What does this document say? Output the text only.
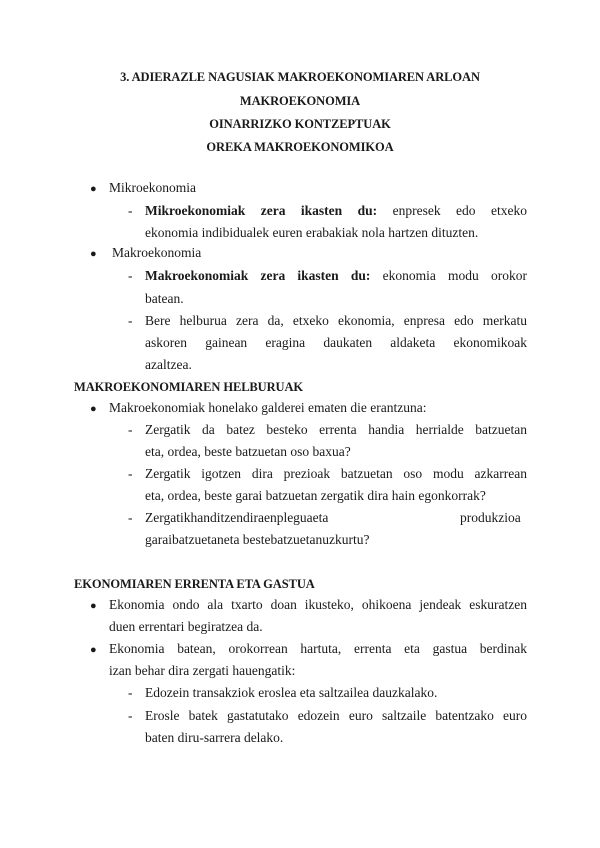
3. ADIERAZLE NAGUSIAK MAKROEKONOMIAREN ARLOAN
MAKROEKONOMIA
OINARRIZKO KONTZEPTUAK
OREKA MAKROEKONOMIKOA
● Mikroekonomia
- Mikroekonomiak zera ikasten du: enpresek edo etxeko
ekonomia indibidualek euren erabakiak nola hartzen dituzten.
● Makroekonomia
- Makroekonomiak zera ikasten du: ekonomia modu orokor
batean.
- Bere helburua zera da, etxeko ekonomia, enpresa edo merkatu
askoren gainean eragina daukaten aldaketa ekonomikoak
azaltzea.
MAKROEKONOMIAREN HELBURUAK
● Makroekonomiak honelako galderei ematen die erantzuna:
- Zergatik da batez besteko errenta handia herrialde batzuetan
eta, ordea, beste batzuetan oso baxua?
- Zergatik igotzen dira prezioak batzuetan oso modu azkarrean
eta, ordea, beste garai batzuetan zergatik dira hain egonkorrak?
- Zergatikhanditzendiraenpleguaeta	produkzioa
garaibatzuetaneta bestebatzuetanuzkurtu?
EKONOMIAREN ERRENTA ETA GASTUA
● Ekonomia ondo ala txarto doan ikusteko, ohikoena jendeak eskuratzen
duen errentari begiratzea da.
● Ekonomia batean, orokorrean hartuta, errenta eta gastua berdinak
izan behar dira zergati hauengatik:
- Edozein transakziok eroslea eta saltzailea dauzkalako.
- Erosle batek gastatutako edozein euro saltzaile batentzako euro
baten diru-sarrera delako.
